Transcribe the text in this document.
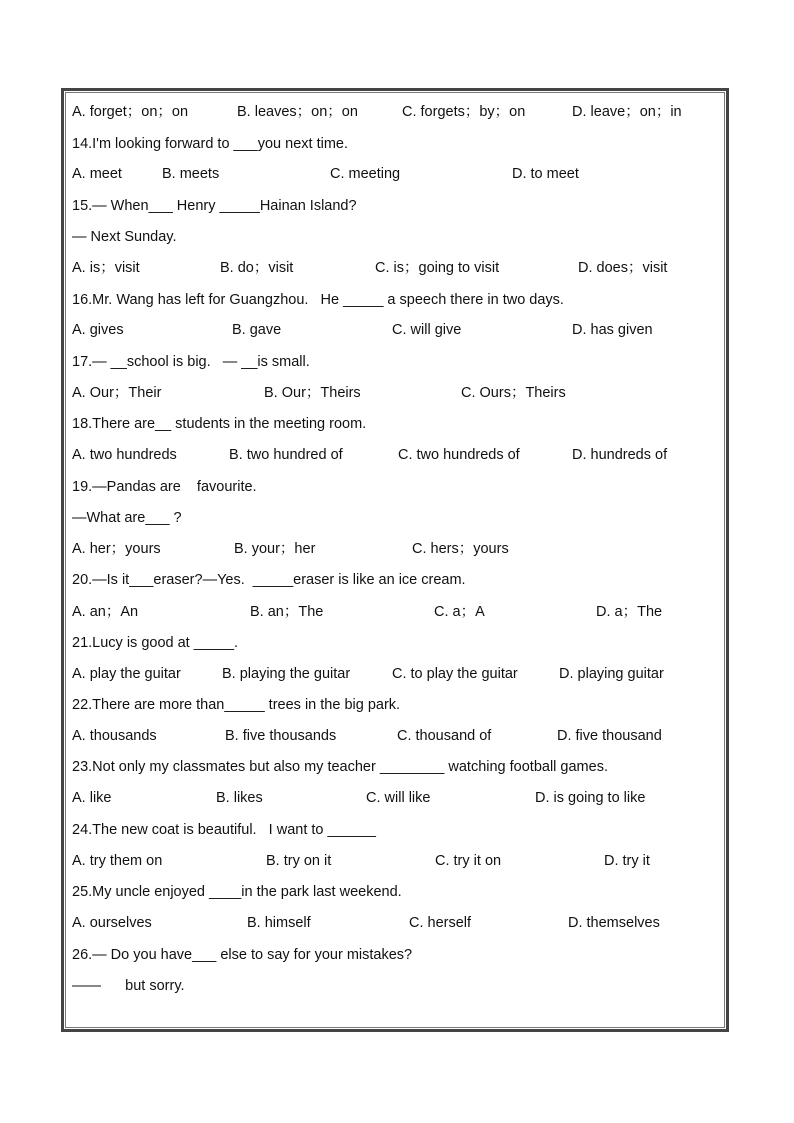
A. forget；on；on	B. leaves；on；on	C. forgets；by；on	D. leave；on；in
14.I'm looking forward to ___you next time.
A. meet	B. meets	C. meeting	D. to meet
15.— When___ Henry _____Hainan Island?
— Next Sunday.
A. is；visit	B. do；visit	C. is；going to visit	D. does；visit
16.Mr. Wang has left for Guangzhou.   He _____ a speech there in two days.
A. gives	B. gave	C. will give	D. has given
17.— __school is big.   — __is small.
A. Our；Their	B. Our；Theirs	C. Ours；Theirs
18.There are__ students in the meeting room.
A. two hundreds	B. two hundred of	C. two hundreds of	D. hundreds of
19.—Pandas are    favourite.
—What are___ ?
A. her；yours	B. your；her	C. hers；yours
20.—Is it___eraser?—Yes.  _____eraser is like an ice cream.
A. an；An	B. an；The	C. a；A	D. a；The
21.Lucy is good at _____.
A. play the guitar	B. playing the guitar	C. to play the guitar	D. playing guitar
22.There are more than_____ trees in the big park.
A. thousands	B. five thousands	C. thousand of	D. five thousand
23.Not only my classmates but also my teacher ________ watching football games.
A. like	B. likes	C. will like	D. is going to like
24.The new coat is beautiful.   I want to ______
A. try them on	B. try on it	C. try it on	D. try it
25.My uncle enjoyed ____in the park last weekend.
A. ourselves	B. himself	C. herself	D. themselves
26.— Do you have___ else to say for your mistakes?
——      but sorry.
